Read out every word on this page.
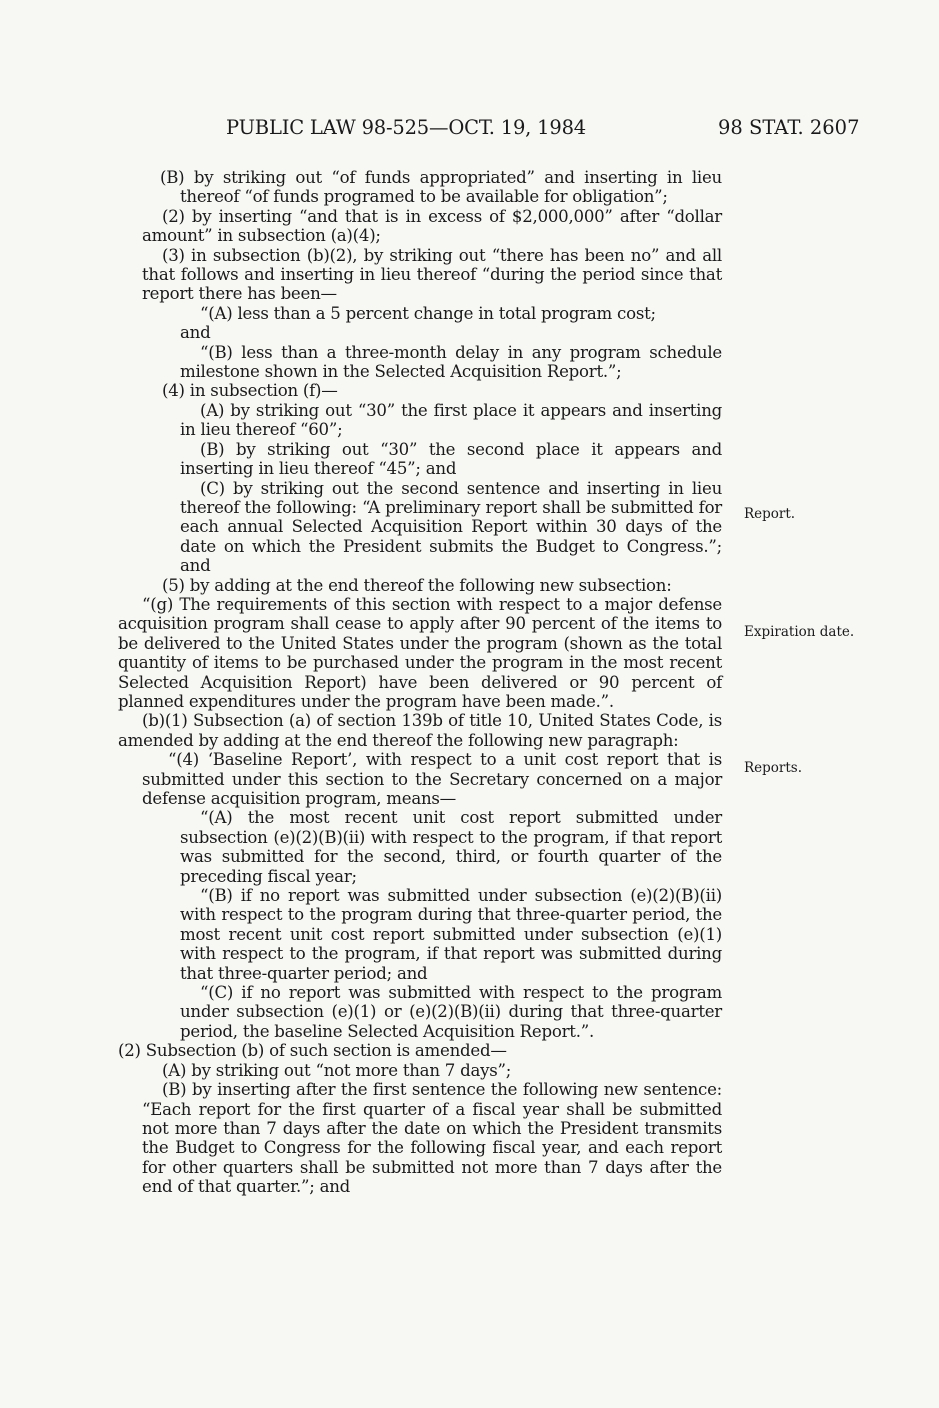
PUBLIC LAW 98-525—OCT. 19, 1984	98 STAT. 2607

(B) by striking out “of funds appropriated” and inserting in lieu thereof “of funds programed to be available for obligation”;

(2) by inserting “and that is in excess of $2,000,000” after “dollar amount” in subsection (a)(4);

(3) in subsection (b)(2), by striking out “there has been no” and all that follows and inserting in lieu thereof “during the period since that report there has been—

“(A) less than a 5 percent change in total program cost;

and

“(B) less than a three-month delay in any program schedule milestone shown in the Selected Acquisition Report.”;

(4) in subsection (f)—

(A) by striking out “30” the first place it appears and inserting in lieu thereof “60”;

(B) by striking out “30” the second place it appears and inserting in lieu thereof “45”; and

(C) by striking out the second sentence and inserting in lieu thereof the following: “A preliminary report shall be submitted for each annual Selected Acquisition Report within 30 days of the date on which the President submits the Budget to Congress.”; and

(5) by adding at the end thereof the following new subsection:

“(g) The requirements of this section with respect to a major defense acquisition program shall cease to apply after 90 percent of the items to be delivered to the United States under the program (shown as the total quantity of items to be purchased under the program in the most recent Selected Acquisition Report) have been delivered or 90 percent of planned expenditures under the program have been made.”.

(b)(1) Subsection (a) of section 139b of title 10, United States Code, is amended by adding at the end thereof the following new paragraph:

“(4) ‘Baseline Report’, with respect to a unit cost report that is submitted under this section to the Secretary concerned on a major defense acquisition program, means—

“(A) the most recent unit cost report submitted under subsection (e)(2)(B)(ii) with respect to the program, if that report was submitted for the second, third, or fourth quarter of the preceding fiscal year;

“(B) if no report was submitted under subsection (e)(2)(B)(ii) with respect to the program during that three-quarter period, the most recent unit cost report submitted under subsection (e)(1) with respect to the program, if that report was submitted during that three-quarter period; and

“(C) if no report was submitted with respect to the program under subsection (e)(1) or (e)(2)(B)(ii) during that three-quarter period, the baseline Selected Acquisition Report.”.

(2) Subsection (b) of such section is amended—

(A) by striking out “not more than 7 days”;

(B) by inserting after the first sentence the following new sentence: “Each report for the first quarter of a fiscal year shall be submitted not more than 7 days after the date on which the President transmits the Budget to Congress for the following fiscal year, and each report for other quarters shall be submitted not more than 7 days after the end of that quarter.”; and

Report.
Expiration date.
Reports.
